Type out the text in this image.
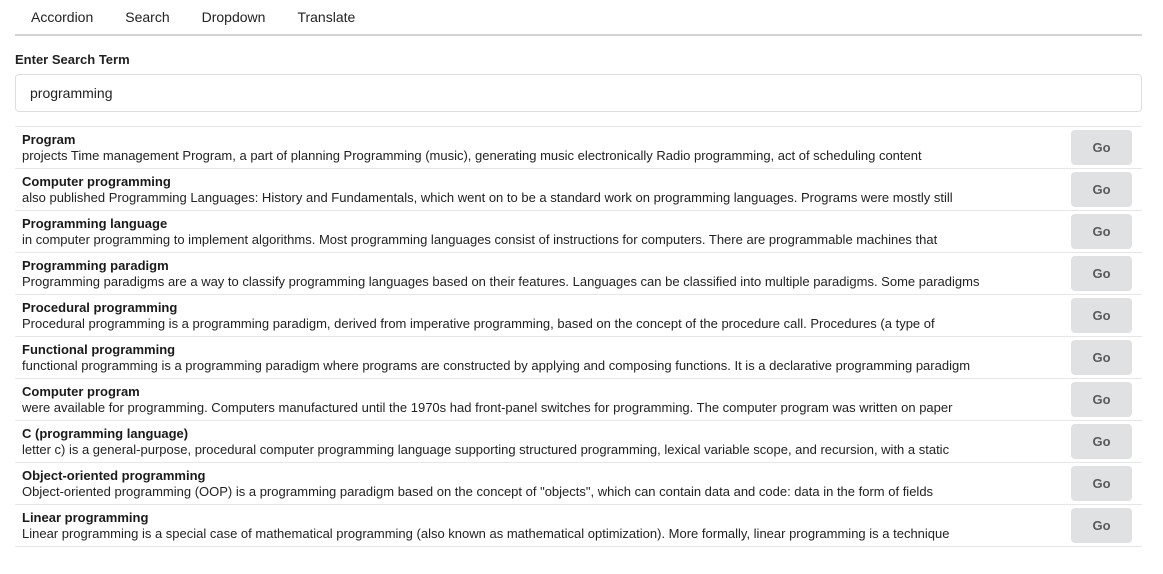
Accordion	Search	Dropdown	Translate
Enter Search Term
programming
Program
projects Time management Program, a part of planning Programming (music), generating music electronically Radio programming, act of scheduling content
Go
Computer programming
also published Programming Languages: History and Fundamentals, which went on to be a standard work on programming languages. Programs were mostly still
Go
Programming language
in computer programming to implement algorithms. Most programming languages consist of instructions for computers. There are programmable machines that
Go
Programming paradigm
Programming paradigms are a way to classify programming languages based on their features. Languages can be classified into multiple paradigms. Some paradigms
Go
Procedural programming
Procedural programming is a programming paradigm, derived from imperative programming, based on the concept of the procedure call. Procedures (a type of
Go
Functional programming
functional programming is a programming paradigm where programs are constructed by applying and composing functions. It is a declarative programming paradigm
Go
Computer program
were available for programming. Computers manufactured until the 1970s had front-panel switches for programming. The computer program was written on paper
Go
C (programming language)
letter c) is a general-purpose, procedural computer programming language supporting structured programming, lexical variable scope, and recursion, with a static
Go
Object-oriented programming
Object-oriented programming (OOP) is a programming paradigm based on the concept of "objects", which can contain data and code: data in the form of fields
Go
Linear programming
Linear programming is a special case of mathematical programming (also known as mathematical optimization). More formally, linear programming is a technique
Go
